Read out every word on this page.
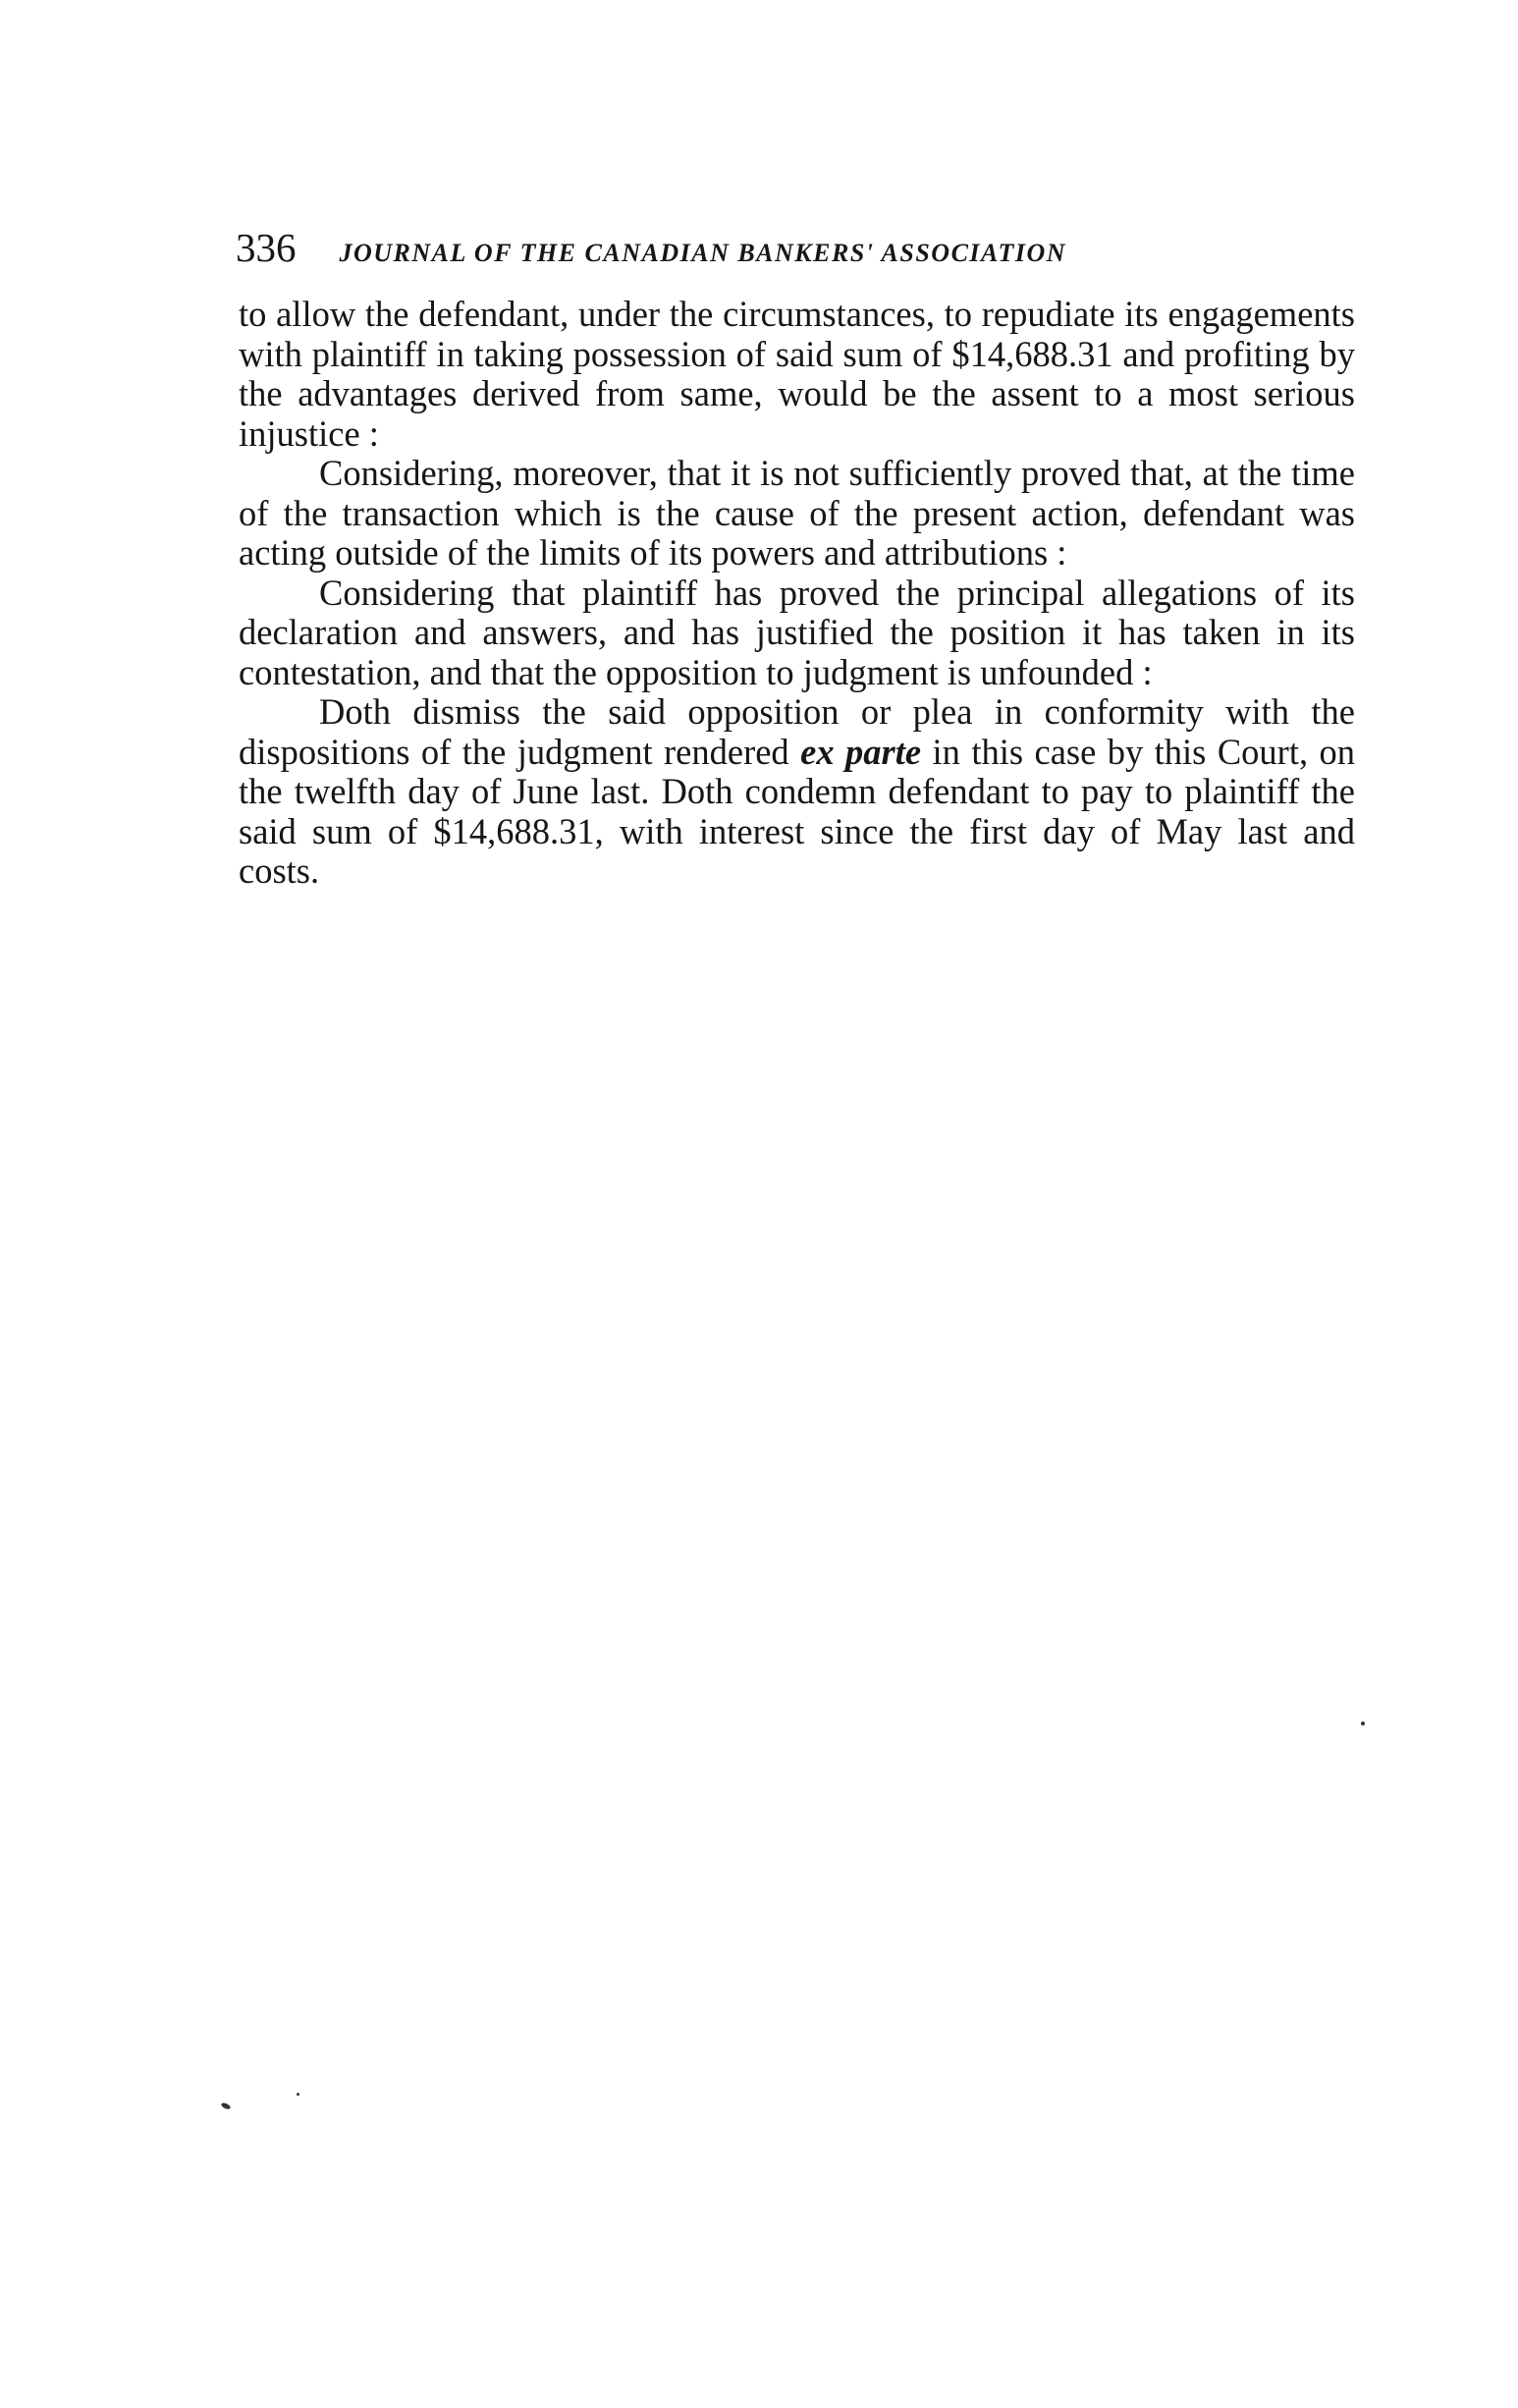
336 JOURNAL OF THE CANADIAN BANKERS' ASSOCIATION

to allow the defendant, under the circumstances, to repudiate its engagements with plaintiff in taking possession of said sum of $14,688.31 and profiting by the advantages derived from same, would be the assent to a most serious injustice :

Considering, moreover, that it is not sufficiently proved that, at the time of the transaction which is the cause of the present action, defendant was acting outside of the limits of its powers and attributions :

Considering that plaintiff has proved the principal allegations of its declaration and answers, and has justified the position it has taken in its contestation, and that the opposition to judgment is unfounded :

Doth dismiss the said opposition or plea in conformity with the dispositions of the judgment rendered ex parte in this case by this Court, on the twelfth day of June last. Doth condemn defendant to pay to plaintiff the said sum of $14,688.31, with interest since the first day of May last and costs.
